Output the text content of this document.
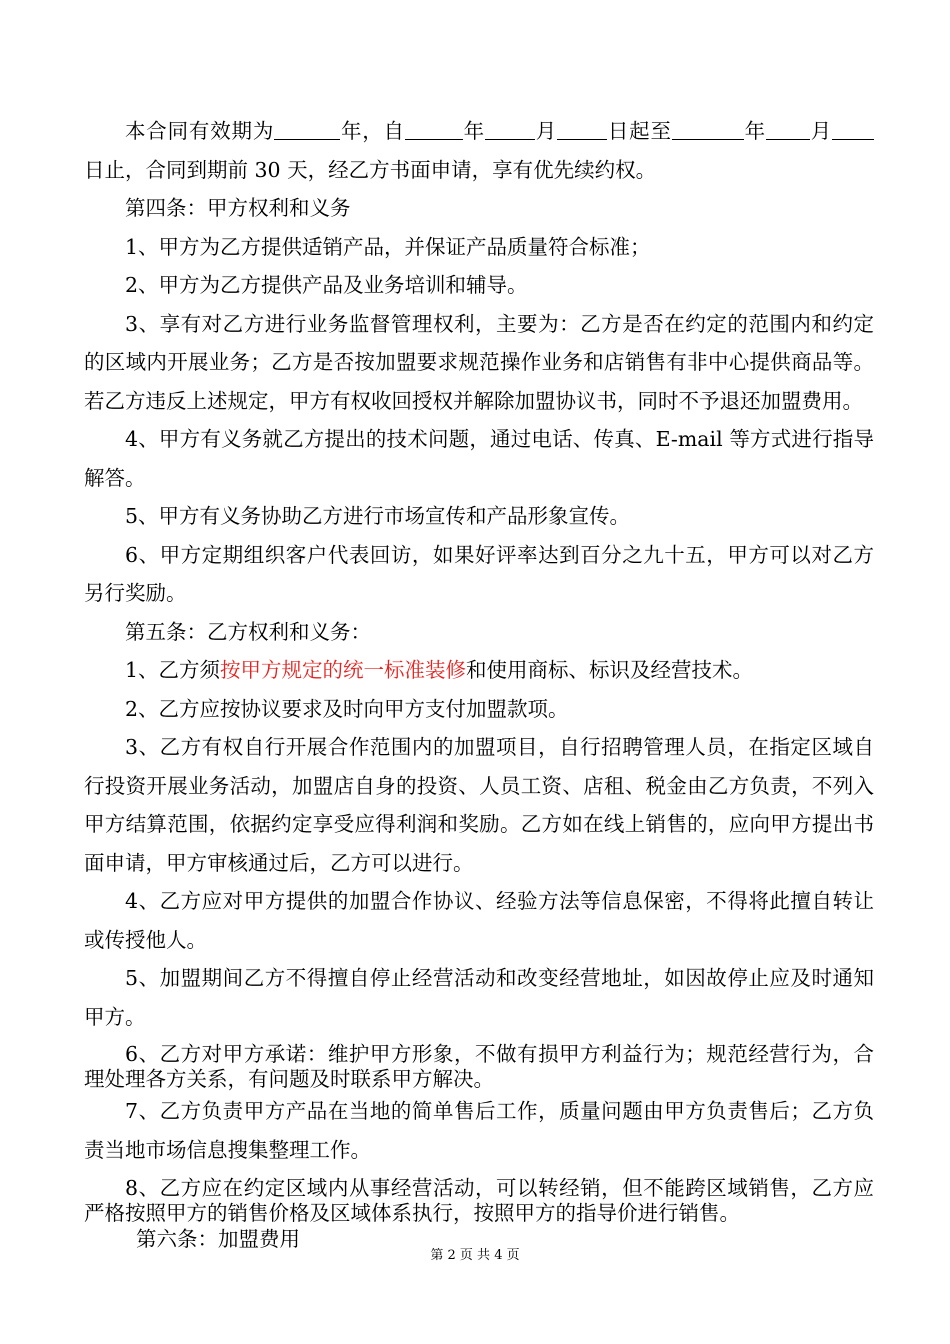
本合同有效期为	年，自	年 月 日起至	年 月日止，合同到期前 30 天，经乙方书面申请，享有优先续约权。

第四条：甲方权利和义务

1、甲方为乙方提供适销产品，并保证产品质量符合标准；

2、甲方为乙方提供产品及业务培训和辅导。

3、享有对乙方进行业务监督管理权利，主要为：乙方是否在约定的范围内和约定的区域内开展业务；乙方是否按加盟要求规范操作业务和店销售有非中心提供商品等。若乙方违反上述规定，甲方有权收回授权并解除加盟协议书，同时不予退还加盟费用。

4、甲方有义务就乙方提出的技术问题，通过电话、传真、E-mail 等方式进行指导解答。

5、甲方有义务协助乙方进行市场宣传和产品形象宣传。

6、甲方定期组织客户代表回访，如果好评率达到百分之九十五，甲方可以对乙方另行奖励。

第五条：乙方权利和义务：

1、乙方须按甲方规定的统一标准装修和使用商标、标识及经营技术。

2、乙方应按协议要求及时向甲方支付加盟款项。

3、乙方有权自行开展合作范围内的加盟项目，自行招聘管理人员，在指定区域自行投资开展业务活动，加盟店自身的投资、人员工资、店租、税金由乙方负责，不列入甲方结算范围，依据约定享受应得利润和奖励。乙方如在线上销售的，应向甲方提出书面申请，甲方审核通过后，乙方可以进行。

4、乙方应对甲方提供的加盟合作协议、经验方法等信息保密，不得将此擅自转让或传授他人。

5、加盟期间乙方不得擅自停止经营活动和改变经营地址，如因故停止应及时通知甲方。

6、乙方对甲方承诺：维护甲方形象，不做有损甲方利益行为；规范经营行为，合理处理各方关系，有问题及时联系甲方解决。

7、乙方负责甲方产品在当地的简单售后工作，质量问题由甲方负责售后；乙方负责当地市场信息搜集整理工作。

8、乙方应在约定区域内从事经营活动，可以转经销，但不能跨区域销售，乙方应严格按照甲方的销售价格及区域体系执行，按照甲方的指导价进行销售。

第六条：加盟费用

第 2 页 共 4 页
